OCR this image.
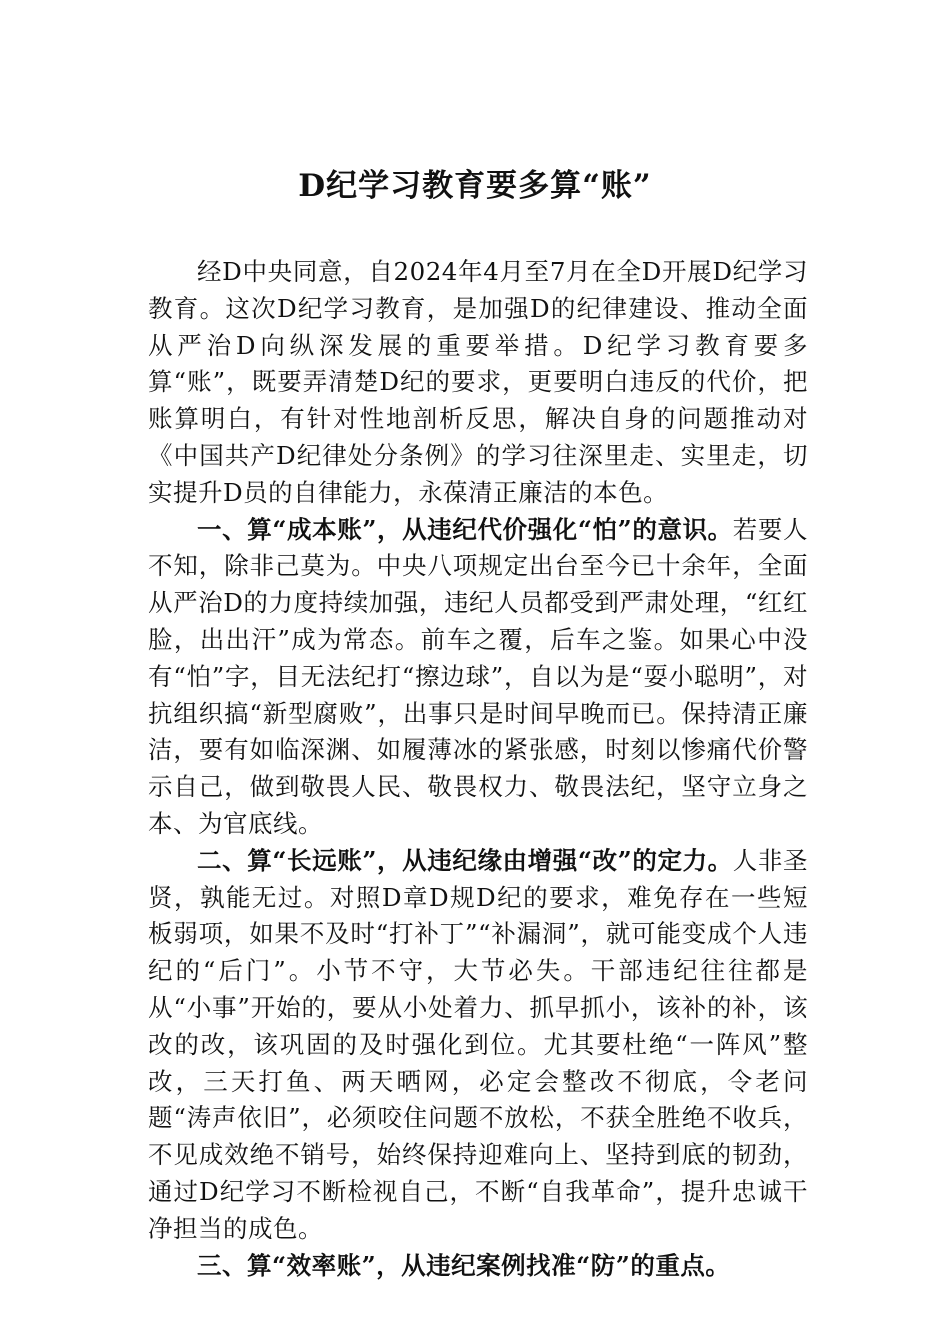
D纪学习教育要多算“账”

经D中央同意，自2024年4月至7月在全D开展D纪学习教育。这次D纪学习教育，是加强D的纪律建设、推动全面从严治D向纵深发展的重要举措。D纪学习教育要多算“账”，既要弄清楚D纪的要求，更要明白违反的代价，把账算明白，有针对性地剖析反思，解决自身的问题推动对《中国共产D纪律处分条例》的学习往深里走、实里走，切实提升D员的自律能力，永葆清正廉洁的本色。

一、算“成本账”，从违纪代价强化“怕”的意识。若要人不知，除非己莫为。中央八项规定出台至今已十余年，全面从严治D的力度持续加强，违纪人员都受到严肃处理，“红红脸，出出汗”成为常态。前车之覆，后车之鉴。如果心中没有“怕”字，目无法纪打“擦边球”，自以为是“耍小聪明”，对抗组织搞“新型腐败”，出事只是时间早晚而已。保持清正廉洁，要有如临深渊、如履薄冰的紧张感，时刻以惨痛代价警示自己，做到敬畏人民、敬畏权力、敬畏法纪，坚守立身之本、为官底线。

二、算“长远账”，从违纪缘由增强“改”的定力。人非圣贤，孰能无过。对照D章D规D纪的要求，难免存在一些短板弱项，如果不及时“打补丁”“补漏洞”，就可能变成个人违纪的“后门”。小节不守，大节必失。干部违纪往往都是从“小事”开始的，要从小处着力、抓早抓小，该补的补，该改的改，该巩固的及时强化到位。尤其要杜绝“一阵风”整改，三天打鱼、两天晒网，必定会整改不彻底，令老问题“涛声依旧”，必须咬住问题不放松，不获全胜绝不收兵，不见成效绝不销号，始终保持迎难向上、坚持到底的韧劲，通过D纪学习不断检视自己，不断“自我革命”，提升忠诚干净担当的成色。

三、算“效率账”，从违纪案例找准“防”的重点。
